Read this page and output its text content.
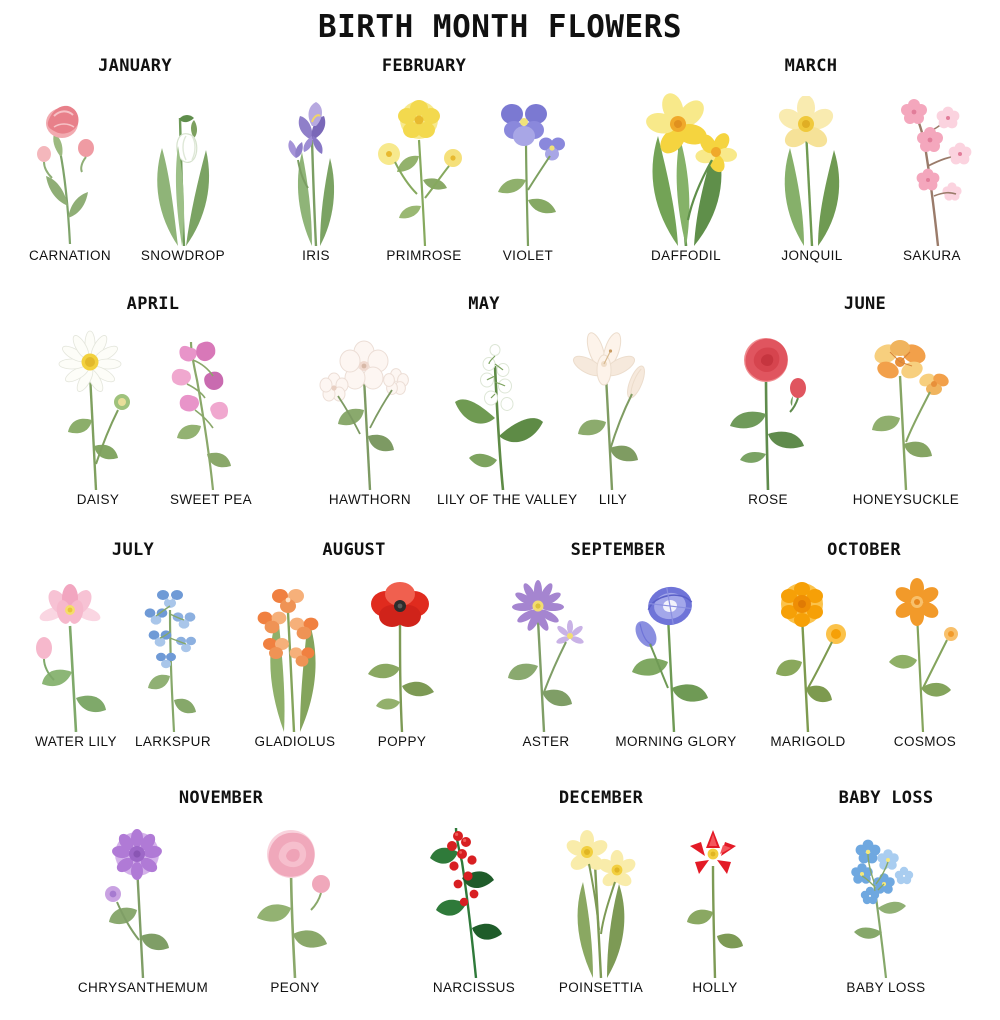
BIRTH MONTH FLOWERS
JANUARY	FEBRUARY	MARCH
CARNATION	SNOWDROP	IRIS	PRIMROSE	VIOLET	DAFFODIL	JONQUIL	SAKURA
APRIL	MAY	JUNE
DAISY	SWEET PEA	HAWTHORN	LILY OF THE VALLEY	LILY	ROSE	HONEYSUCKLE
JULY	AUGUST	SEPTEMBER	OCTOBER
WATER LILY	LARKSPUR	GLADIOLUS	POPPY	ASTER	MORNING GLORY	MARIGOLD	COSMOS
NOVEMBER	DECEMBER	BABY LOSS
CHRYSANTHEMUM	PEONY	NARCISSUS	POINSETTIA	HOLLY	BABY LOSS
